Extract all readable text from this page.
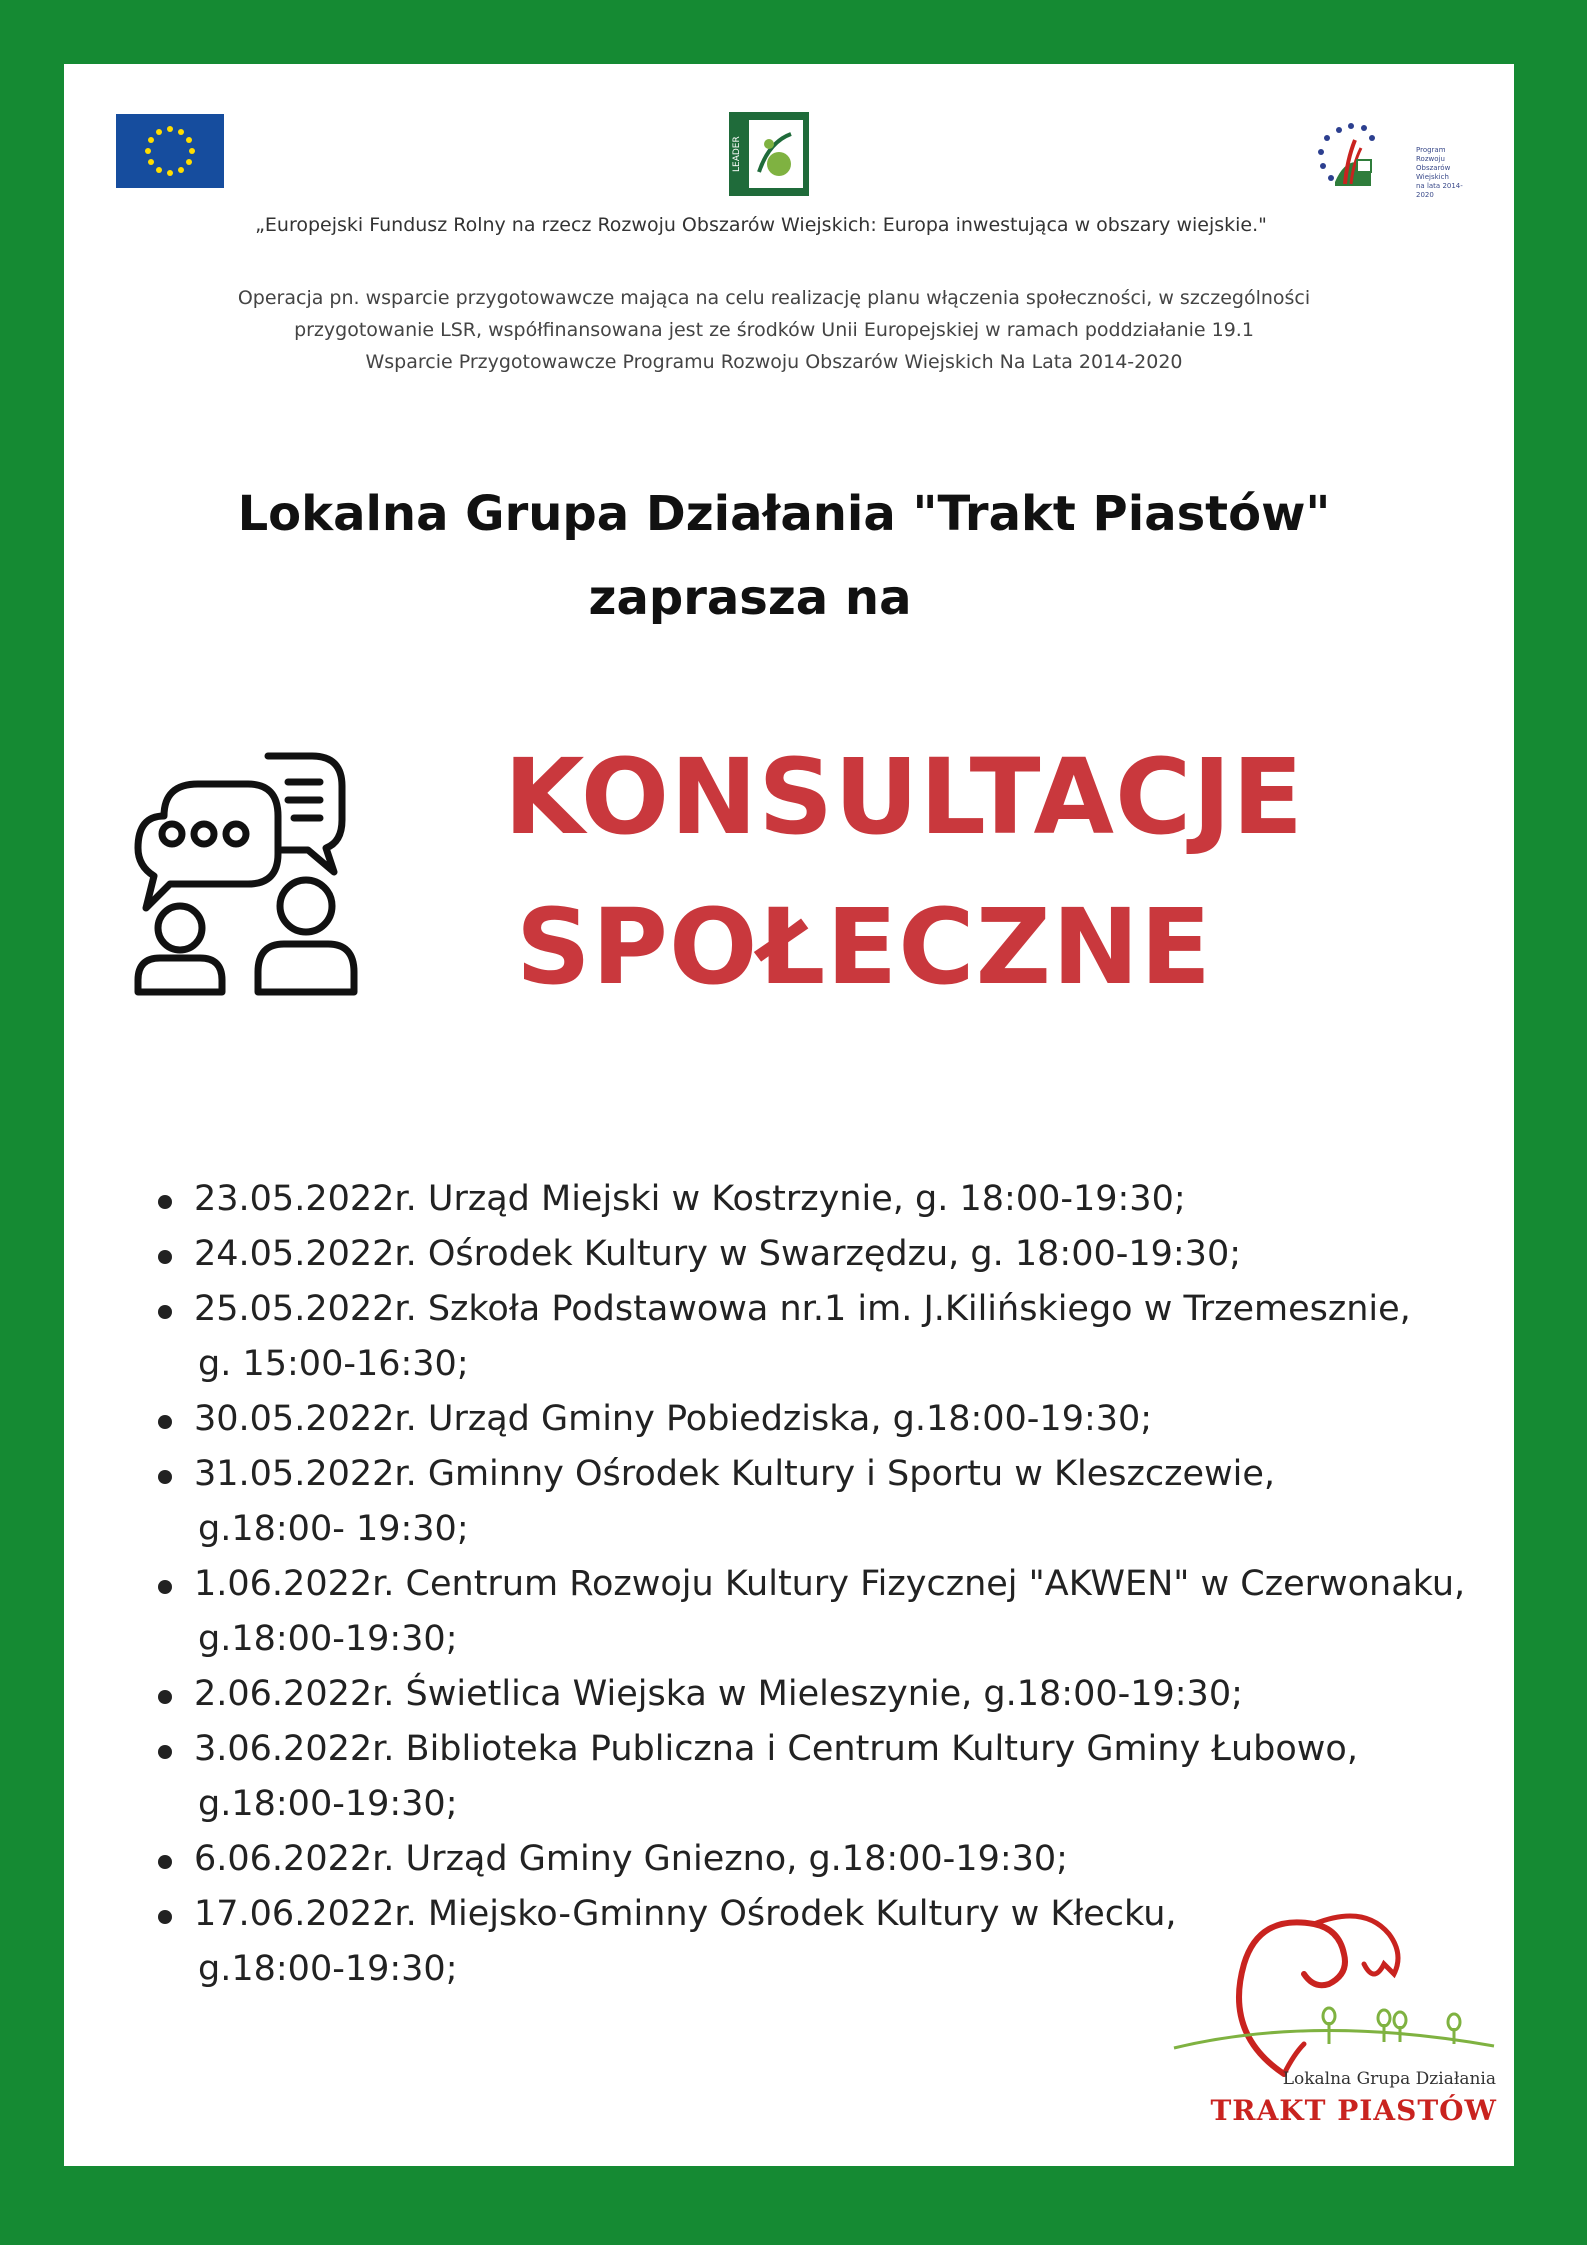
LEADER	Program
Rozwoju
Obszarów
Wiejskich
na lata 2014-2020
„Europejski Fundusz Rolny na rzecz Rozwoju Obszarów Wiejskich: Europa inwestująca w obszary wiejskie."
Operacja pn. wsparcie przygotowawcze mająca na celu realizację planu włączenia społeczności, w szczególności
przygotowanie LSR, współfinansowana jest ze środków Unii Europejskiej w ramach poddziałanie 19.1
Wsparcie Przygotowawcze Programu Rozwoju Obszarów Wiejskich Na Lata 2014-2020
Lokalna Grupa Działania "Trakt Piastów"
zaprasza na
KONSULTACJE
SPOŁECZNE
23.05.2022r. Urząd Miejski w Kostrzynie, g. 18:00-19:30;
24.05.2022r. Ośrodek Kultury w Swarzędzu, g. 18:00-19:30;
25.05.2022r. Szkoła Podstawowa nr.1 im. J.Kilińskiego w Trzemesznie,
g. 15:00-16:30;
30.05.2022r. Urząd Gminy Pobiedziska, g.18:00-19:30;
31.05.2022r. Gminny Ośrodek Kultury i Sportu w Kleszczewie,
g.18:00- 19:30;
1.06.2022r. Centrum Rozwoju Kultury Fizycznej "AKWEN" w Czerwonaku,
g.18:00-19:30;
2.06.2022r. Świetlica Wiejska w Mieleszynie, g.18:00-19:30;
3.06.2022r. Biblioteka Publiczna i Centrum Kultury Gminy Łubowo,
g.18:00-19:30;
6.06.2022r. Urząd Gminy Gniezno, g.18:00-19:30;
17.06.2022r. Miejsko-Gminny Ośrodek Kultury w Kłecku,
g.18:00-19:30;
Lokalna Grupa Działania
TRAKT PIASTÓW
